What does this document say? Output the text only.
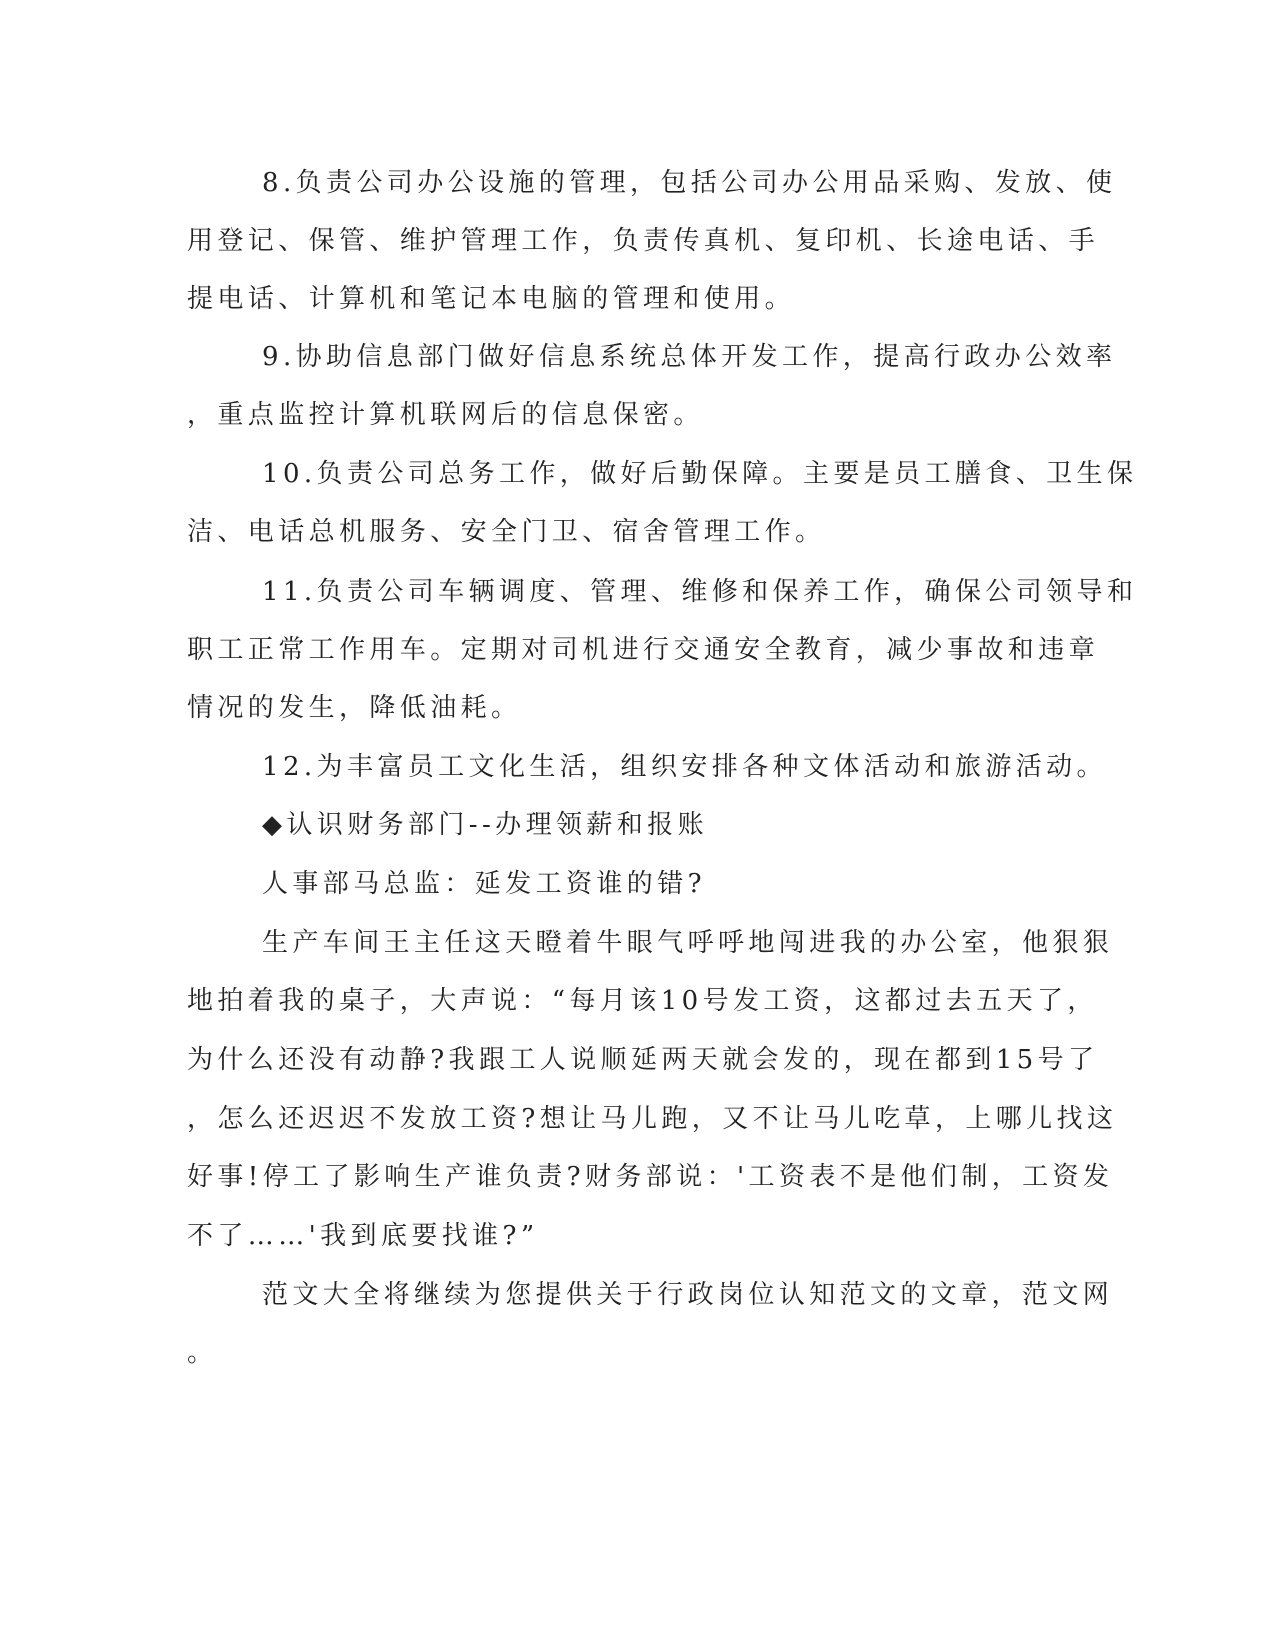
8.负责公司办公设施的管理，包括公司办公用品采购、发放、使
用登记、保管、维护管理工作，负责传真机、复印机、长途电话、手
提电话、计算机和笔记本电脑的管理和使用。
9.协助信息部门做好信息系统总体开发工作，提高行政办公效率
，重点监控计算机联网后的信息保密。
10.负责公司总务工作，做好后勤保障。主要是员工膳食、卫生保
洁、电话总机服务、安全门卫、宿舍管理工作。
11.负责公司车辆调度、管理、维修和保养工作，确保公司领导和
职工正常工作用车。定期对司机进行交通安全教育，减少事故和违章
情况的发生，降低油耗。
12.为丰富员工文化生活，组织安排各种文体活动和旅游活动。
◆认识财务部门--办理领薪和报账
人事部马总监：延发工资谁的错?
生产车间王主任这天瞪着牛眼气呼呼地闯进我的办公室，他狠狠
地拍着我的桌子，大声说：“每月该10号发工资，这都过去五天了，
为什么还没有动静?我跟工人说顺延两天就会发的，现在都到15号了
，怎么还迟迟不发放工资?想让马儿跑，又不让马儿吃草，上哪儿找这
好事!停工了影响生产谁负责?财务部说：'工资表不是他们制，工资发
不了……'我到底要找谁?”
范文大全将继续为您提供关于行政岗位认知范文的文章，范文网
。
